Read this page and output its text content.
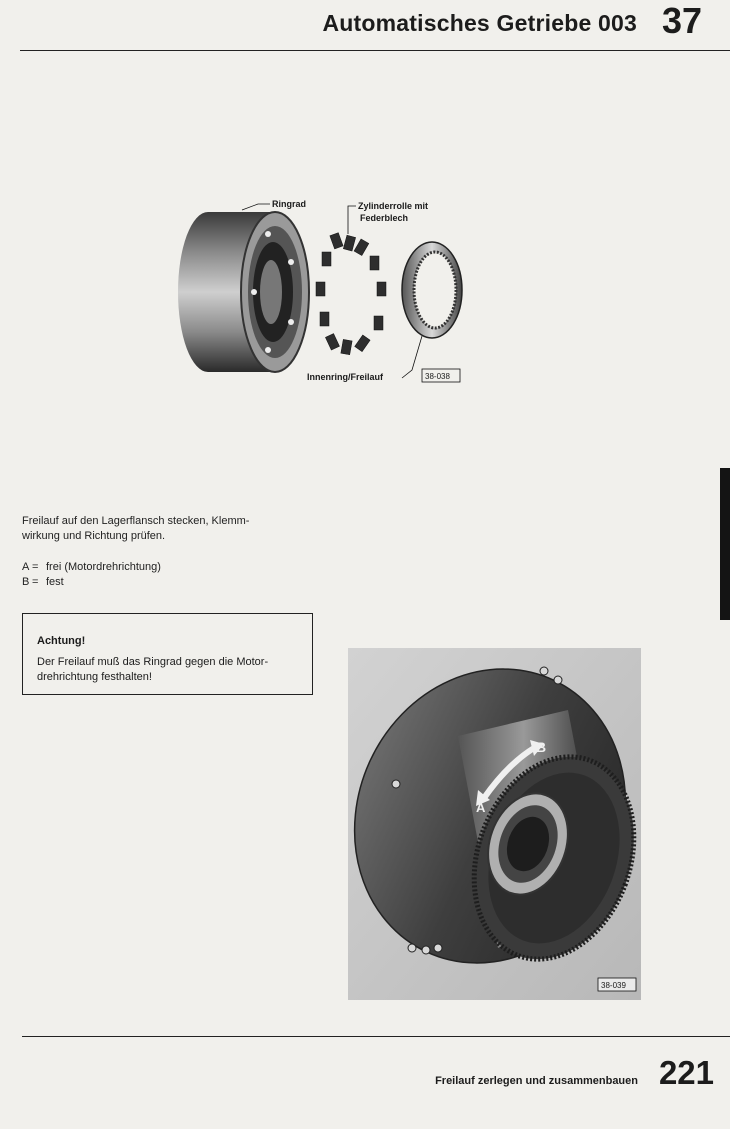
Automatisches Getriebe 003 37
Ringrad	Zylinderrolle mit
Federblech
Innenring/Freilauf	38-038
Freilauf auf den Lagerflansch stecken, Klemm-
wirkung und Richtung prüfen.
A = frei (Motordrehrichtung)
B = fest
Achtung!
Der Freilauf muß das Ringrad gegen die Motor-
drehrichtung festhalten!
A
B
38-039
Freilauf zerlegen und zusammenbauen 221
